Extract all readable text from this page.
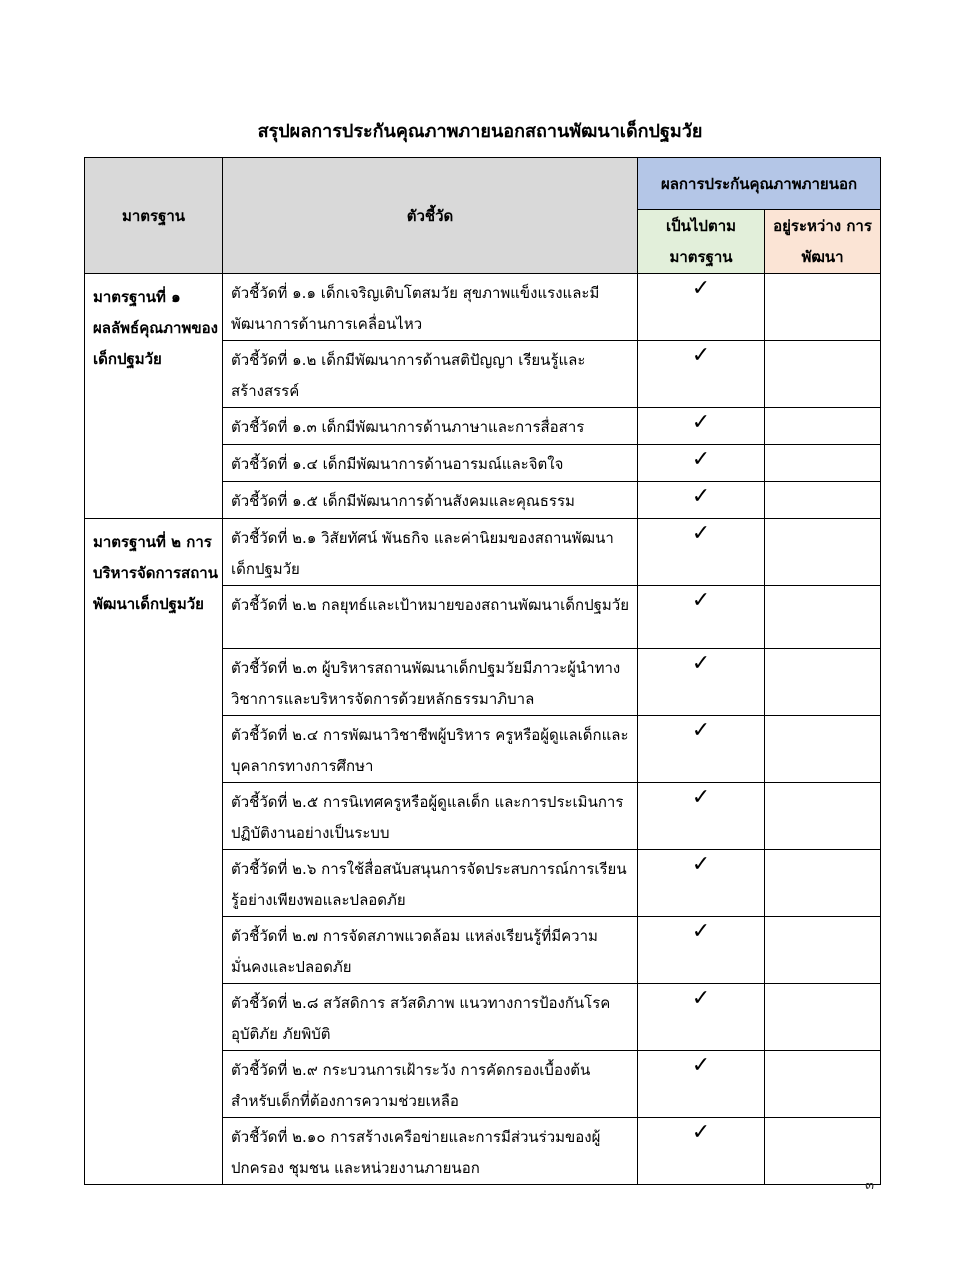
สรุปผลการประกันคุณภาพภายนอกสถานพัฒนาเด็กปฐมวัย
มาตรฐาน	ตัวชี้วัด	ผลการประกันคุณภาพภายนอก	
		เป็นไปตาม มาตรฐาน	อยู่ระหว่าง การพัฒนา
มาตรฐานที่ ๑ ผลลัพธ์คุณภาพของเด็กปฐมวัย	ตัวชี้วัดที่ ๑.๑ เด็กเจริญเติบโตสมวัย สุขภาพแข็งแรงและมีพัฒนาการด้านการเคลื่อนไหว	✓	
	ตัวชี้วัดที่ ๑.๒ เด็กมีพัฒนาการด้านสติปัญญา เรียนรู้และสร้างสรรค์	✓	
	ตัวชี้วัดที่ ๑.๓ เด็กมีพัฒนาการด้านภาษาและการสื่อสาร	✓	
	ตัวชี้วัดที่ ๑.๔ เด็กมีพัฒนาการด้านอารมณ์และจิตใจ	✓	
	ตัวชี้วัดที่ ๑.๕ เด็กมีพัฒนาการด้านสังคมและคุณธรรม	✓	
มาตรฐานที่ ๒ การบริหารจัดการสถานพัฒนาเด็กปฐมวัย	ตัวชี้วัดที่ ๒.๑ วิสัยทัศน์ พันธกิจ และค่านิยมของสถานพัฒนาเด็กปฐมวัย	✓	
	ตัวชี้วัดที่ ๒.๒ กลยุทธ์และเป้าหมายของสถานพัฒนาเด็กปฐมวัย	✓	
	ตัวชี้วัดที่ ๒.๓ ผู้บริหารสถานพัฒนาเด็กปฐมวัยมีภาวะผู้นำทางวิชาการและบริหารจัดการด้วยหลักธรรมาภิบาล	✓	
	ตัวชี้วัดที่ ๒.๔ การพัฒนาวิชาชีพผู้บริหาร ครูหรือผู้ดูแลเด็กและบุคลากรทางการศึกษา	✓	
	ตัวชี้วัดที่ ๒.๕ การนิเทศครูหรือผู้ดูแลเด็ก และการประเมินการปฏิบัติงานอย่างเป็นระบบ	✓	
	ตัวชี้วัดที่ ๒.๖ การใช้สื่อสนับสนุนการจัดประสบการณ์การเรียนรู้อย่างเพียงพอและปลอดภัย	✓	
	ตัวชี้วัดที่ ๒.๗ การจัดสภาพแวดล้อม แหล่งเรียนรู้ที่มีความมั่นคงและปลอดภัย	✓	
	ตัวชี้วัดที่ ๒.๘ สวัสดิการ สวัสดิภาพ แนวทางการป้องกันโรค อุบัติภัย ภัยพิบัติ	✓	
	ตัวชี้วัดที่ ๒.๙ กระบวนการเฝ้าระวัง การคัดกรองเบื้องต้นสำหรับเด็กที่ต้องการความช่วยเหลือ	✓	
	ตัวชี้วัดที่ ๒.๑๐ การสร้างเครือข่ายและการมีส่วนร่วมของผู้ปกครอง ชุมชน และหน่วยงานภายนอก	✓	
๓
